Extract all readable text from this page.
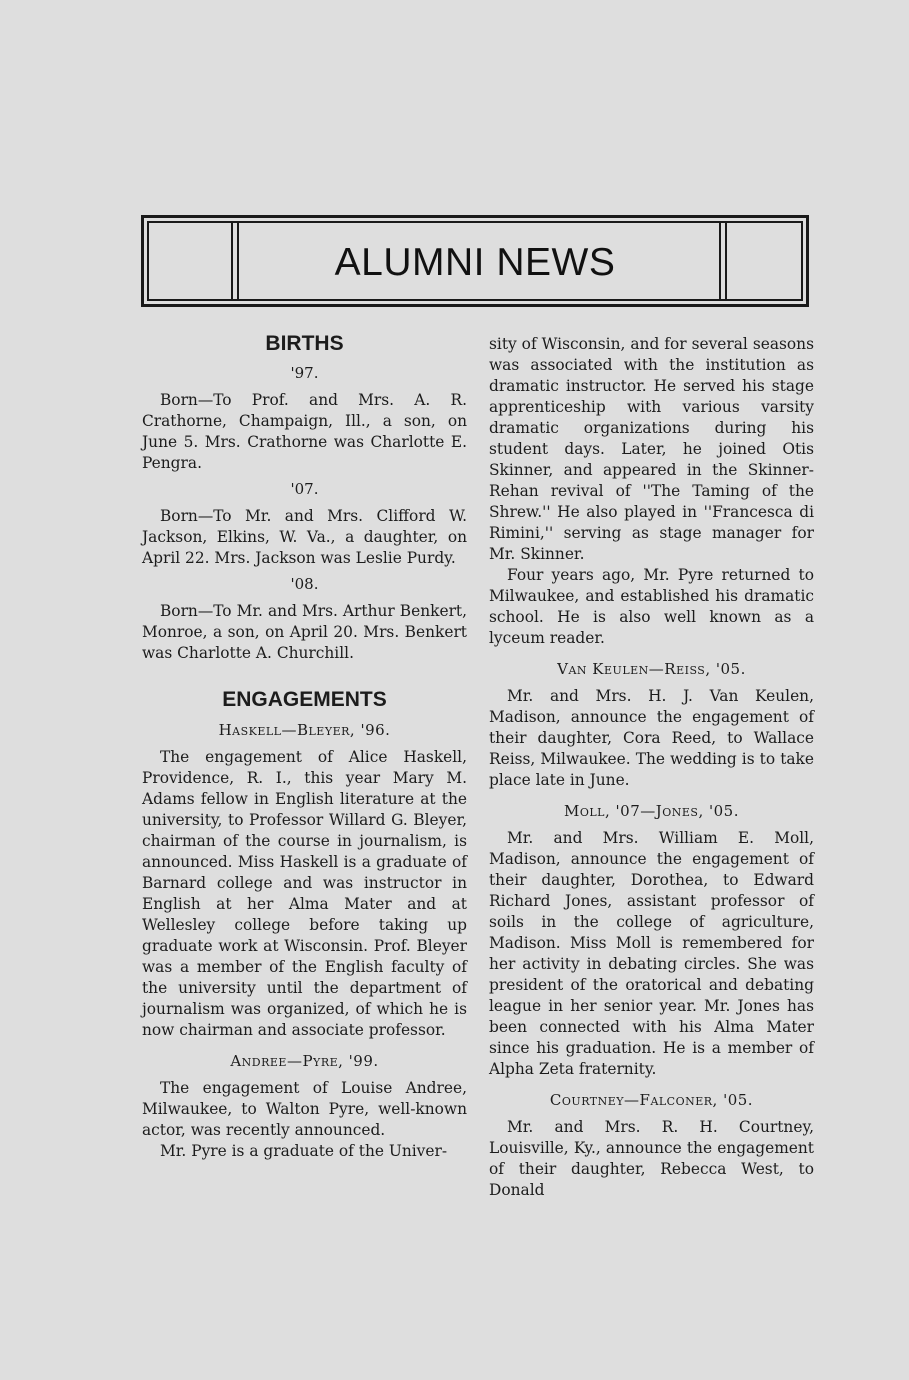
ALUMNI NEWS
BIRTHS
'97.

Born—To Prof. and Mrs. A. R. Crathorne, Champaign, Ill., a son, on June 5. Mrs. Crathorne was Charlotte E. Pengra.

'07.

Born—To Mr. and Mrs. Clifford W. Jackson, Elkins, W. Va., a daughter, on April 22. Mrs. Jackson was Leslie Purdy.

'08.

Born—To Mr. and Mrs. Arthur Benkert, Monroe, a son, on April 20. Mrs. Benkert was Charlotte A. Churchill.

ENGAGEMENTS
Haskell—Bleyer, '96.

The engagement of Alice Haskell, Providence, R. I., this year Mary M. Adams fellow in English literature at the university, to Professor Willard G. Bleyer, chairman of the course in journalism, is announced. Miss Haskell is a graduate of Barnard college and was instructor in English at her Alma Mater and at Wellesley college before taking up graduate work at Wisconsin. Prof. Bleyer was a member of the English faculty of the university until the department of journalism was organized, of which he is now chairman and associate professor.

Andree—Pyre, '99.

The engagement of Louise Andree, Milwaukee, to Walton Pyre, well-known actor, was recently announced.

Mr. Pyre is a graduate of the Univer-

sity of Wisconsin, and for several seasons was associated with the institution as dramatic instructor. He served his stage apprenticeship with various varsity dramatic organizations during his student days. Later, he joined Otis Skinner, and appeared in the Skinner-Rehan revival of ''The Taming of the Shrew.'' He also played in ''Francesca di Rimini,'' serving as stage manager for Mr. Skinner.

Four years ago, Mr. Pyre returned to Milwaukee, and established his dramatic school. He is also well known as a lyceum reader.

Van Keulen—Reiss, '05.

Mr. and Mrs. H. J. Van Keulen, Madison, announce the engagement of their daughter, Cora Reed, to Wallace Reiss, Milwaukee. The wedding is to take place late in June.

Moll, '07—Jones, '05.

Mr. and Mrs. William E. Moll, Madison, announce the engagement of their daughter, Dorothea, to Edward Richard Jones, assistant professor of soils in the college of agriculture, Madison. Miss Moll is remembered for her activity in debating circles. She was president of the oratorical and debating league in her senior year. Mr. Jones has been connected with his Alma Mater since his graduation. He is a member of Alpha Zeta fraternity.

Courtney—Falconer, '05.

Mr. and Mrs. R. H. Courtney, Louisville, Ky., announce the engagement of their daughter, Rebecca West, to Donald
